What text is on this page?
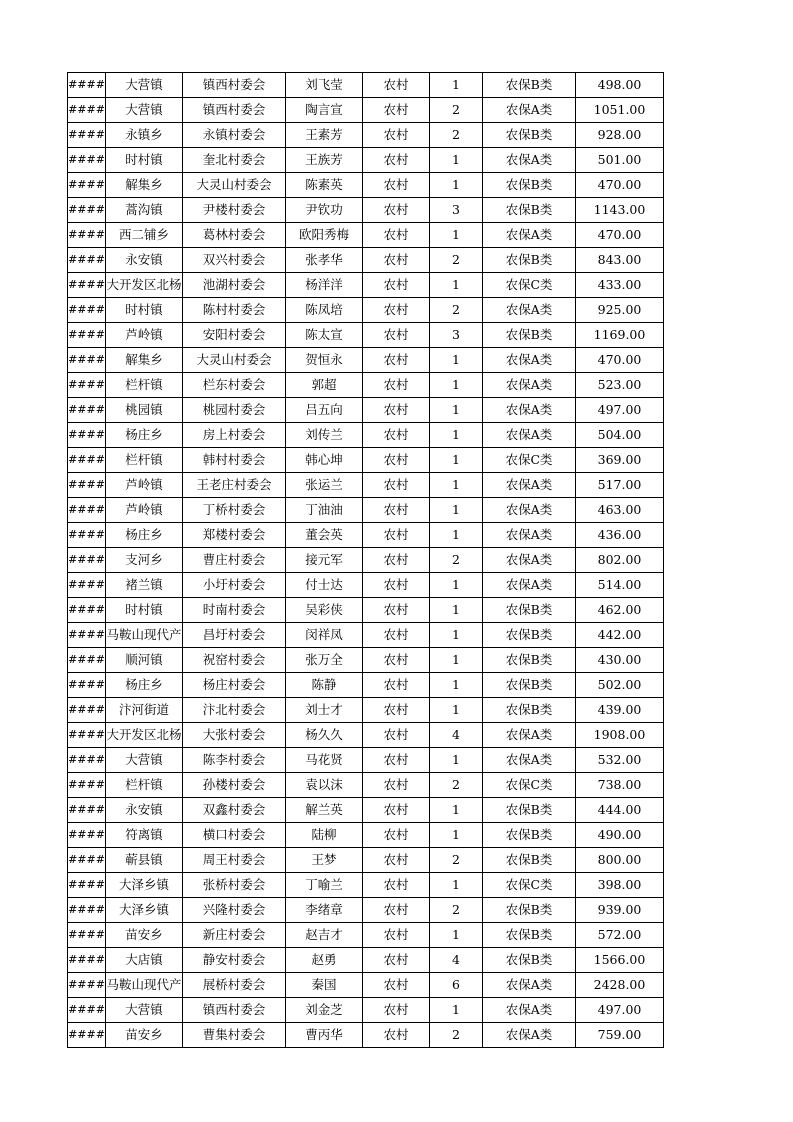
####	大营镇	镇西村委会	刘飞莹	农村	1	农保B类	498.00
####	大营镇	镇西村委会	陶言宣	农村	2	农保A类	1051.00
####	永镇乡	永镇村委会	王素芳	农村	2	农保B类	928.00
####	时村镇	奎北村委会	王族芳	农村	1	农保A类	501.00
####	解集乡	大灵山村委会	陈素英	农村	1	农保B类	470.00
####	蒿沟镇	尹楼村委会	尹钦功	农村	3	农保B类	1143.00
####	西二铺乡	葛林村委会	欧阳秀梅	农村	1	农保A类	470.00
####	永安镇	双兴村委会	张孝华	农村	2	农保B类	843.00
####	大开发区北杨	池湖村委会	杨洋洋	农村	1	农保C类	433.00
####	时村镇	陈村村委会	陈凤培	农村	2	农保A类	925.00
####	芦岭镇	安阳村委会	陈太宣	农村	3	农保B类	1169.00
####	解集乡	大灵山村委会	贺恒永	农村	1	农保A类	470.00
####	栏杆镇	栏东村委会	郭超	农村	1	农保A类	523.00
####	桃园镇	桃园村委会	吕五向	农村	1	农保A类	497.00
####	杨庄乡	房上村委会	刘传兰	农村	1	农保A类	504.00
####	栏杆镇	韩村村委会	韩心坤	农村	1	农保C类	369.00
####	芦岭镇	王老庄村委会	张运兰	农村	1	农保A类	517.00
####	芦岭镇	丁桥村委会	丁油油	农村	1	农保A类	463.00
####	杨庄乡	郑楼村委会	董会英	农村	1	农保A类	436.00
####	支河乡	曹庄村委会	接元军	农村	2	农保A类	802.00
####	褚兰镇	小圩村委会	付士达	农村	1	农保A类	514.00
####	时村镇	时南村委会	吴彩侠	农村	1	农保B类	462.00
####	马鞍山现代产	昌圩村委会	闵祥凤	农村	1	农保B类	442.00
####	顺河镇	祝窑村委会	张万全	农村	1	农保B类	430.00
####	杨庄乡	杨庄村委会	陈静	农村	1	农保B类	502.00
####	汴河街道	汴北村委会	刘士才	农村	1	农保B类	439.00
####	大开发区北杨	大张村委会	杨久久	农村	4	农保A类	1908.00
####	大营镇	陈李村委会	马花贤	农村	1	农保A类	532.00
####	栏杆镇	孙楼村委会	袁以沫	农村	2	农保C类	738.00
####	永安镇	双鑫村委会	解兰英	农村	1	农保B类	444.00
####	符离镇	横口村委会	陆柳	农村	1	农保B类	490.00
####	蕲县镇	周王村委会	王梦	农村	2	农保B类	800.00
####	大泽乡镇	张桥村委会	丁喻兰	农村	1	农保C类	398.00
####	大泽乡镇	兴隆村委会	李绪章	农村	2	农保B类	939.00
####	苗安乡	新庄村委会	赵吉才	农村	1	农保B类	572.00
####	大店镇	静安村委会	赵勇	农村	4	农保B类	1566.00
####	马鞍山现代产	展桥村委会	秦国	农村	6	农保A类	2428.00
####	大营镇	镇西村委会	刘金芝	农村	1	农保A类	497.00
####	苗安乡	曹集村委会	曹丙华	农村	2	农保A类	759.00
